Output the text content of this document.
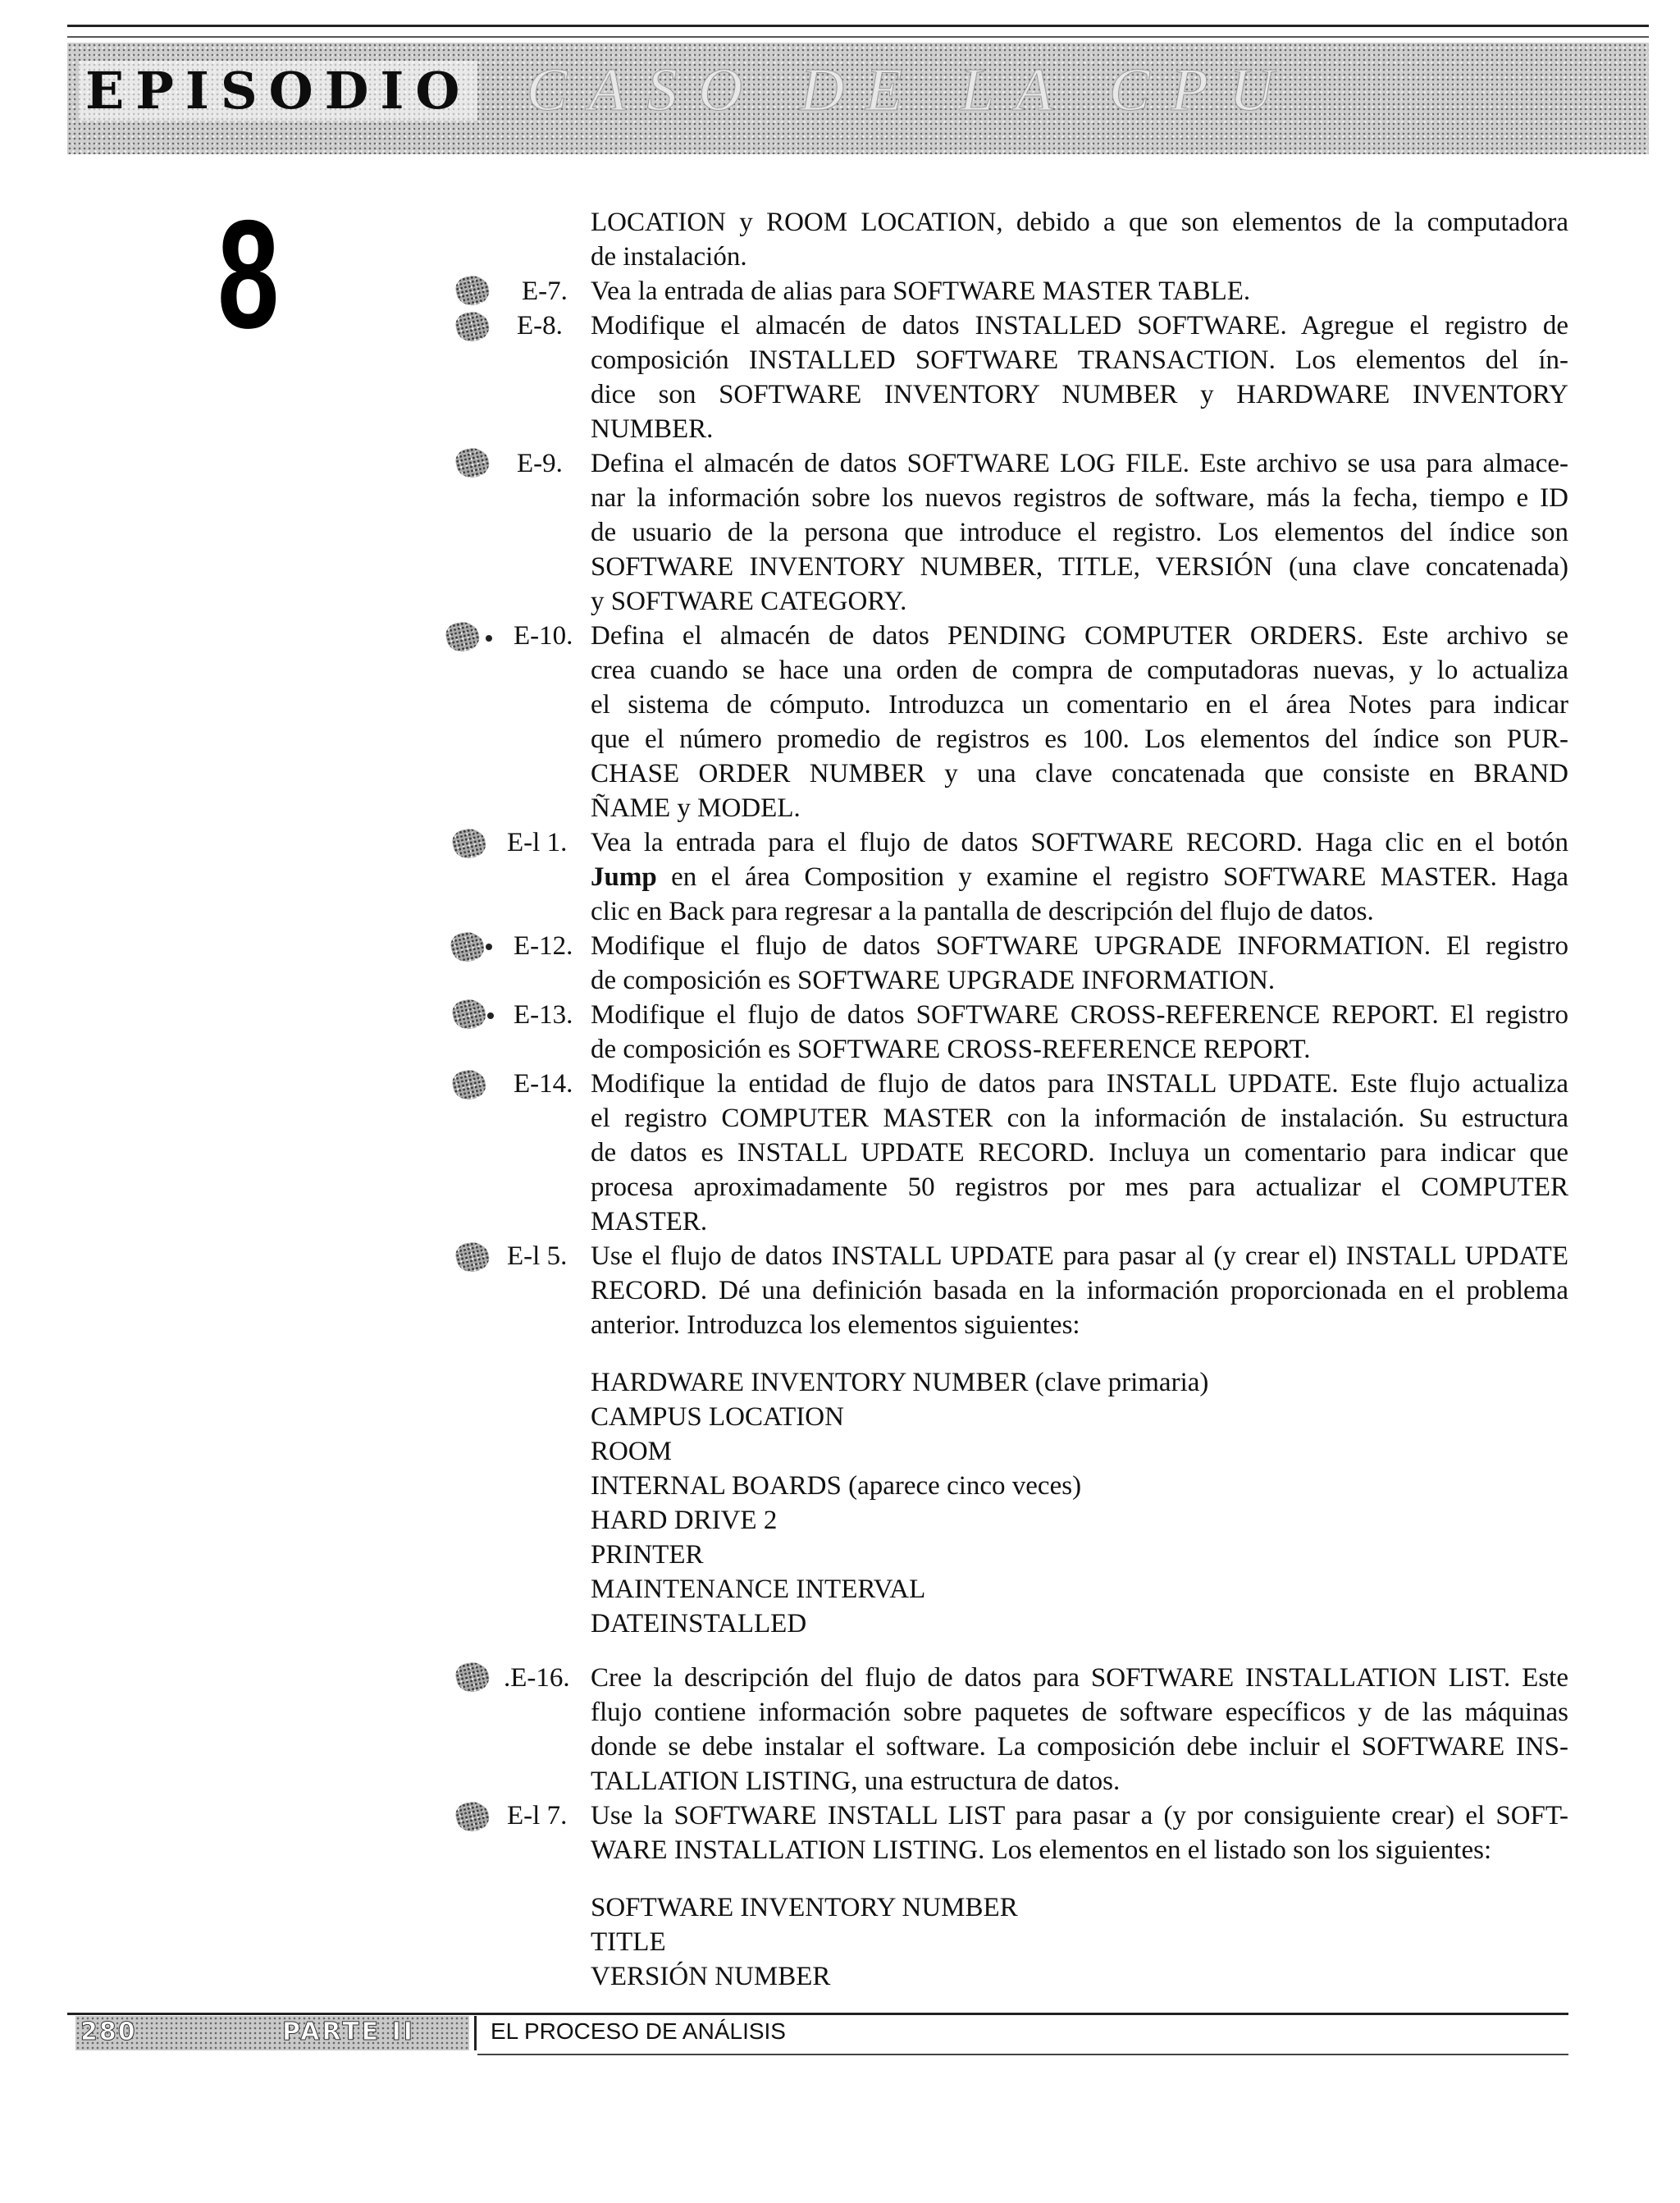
EPISODIO CASO DE LA CPU
8	LOCATION y ROOM LOCATION, debido a que son elementos de la computadora
de instalación.
E-7. Vea la entrada de alias para SOFTWARE MASTER TABLE.
E-8. Modifique el almacén de datos INSTALLED SOFTWARE. Agregue el registro de
composición INSTALLED SOFTWARE TRANSACTION. Los elementos del ín-
dice son SOFTWARE INVENTORY NUMBER y HARDWARE INVENTORY
NUMBER.
E-9. Defina el almacén de datos SOFTWARE LOG FILE. Este archivo se usa para almace-
nar la información sobre los nuevos registros de software, más la fecha, tiempo e ID
de usuario de la persona que introduce el registro. Los elementos del índice son
SOFTWARE INVENTORY NUMBER, TITLE, VERSIÓN (una clave concatenada)
y SOFTWARE CATEGORY.
E-10. Defina el almacén de datos PENDING COMPUTER ORDERS. Este archivo se
crea cuando se hace una orden de compra de computadoras nuevas, y lo actualiza
el sistema de cómputo. Introduzca un comentario en el área Notes para indicar
que el número promedio de registros es 100. Los elementos del índice son PUR-
CHASE ORDER NUMBER y una clave concatenada que consiste en BRAND
ÑAME y MODEL.
E-l 1. Vea la entrada para el flujo de datos SOFTWARE RECORD. Haga clic en el botón
Jump en el área Composition y examine el registro SOFTWARE MASTER. Haga
clic en Back para regresar a la pantalla de descripción del flujo de datos.
E-12. Modifique el flujo de datos SOFTWARE UPGRADE INFORMATION. El registro
de composición es SOFTWARE UPGRADE INFORMATION.
E-13. Modifique el flujo de datos SOFTWARE CROSS-REFERENCE REPORT. El registro
de composición es SOFTWARE CROSS-REFERENCE REPORT.
E-14. Modifique la entidad de flujo de datos para INSTALL UPDATE. Este flujo actualiza
el registro COMPUTER MASTER con la información de instalación. Su estructura
de datos es INSTALL UPDATE RECORD. Incluya un comentario para indicar que
procesa aproximadamente 50 registros por mes para actualizar el COMPUTER
MASTER.
E-l 5. Use el flujo de datos INSTALL UPDATE para pasar al (y crear el) INSTALL UPDATE
RECORD. Dé una definición basada en la información proporcionada en el problema
anterior. Introduzca los elementos siguientes:
HARDWARE INVENTORY NUMBER (clave primaria)
CAMPUS LOCATION
ROOM
INTERNAL BOARDS (aparece cinco veces)
HARD DRIVE 2
PRINTER
MAINTENANCE INTERVAL
DATEINSTALLED
.E-16. Cree la descripción del flujo de datos para SOFTWARE INSTALLATION LIST. Este
flujo contiene información sobre paquetes de software específicos y de las máquinas
donde se debe instalar el software. La composición debe incluir el SOFTWARE INS-
TALLATION LISTING, una estructura de datos.
E-l 7. Use la SOFTWARE INSTALL LIST para pasar a (y por consiguiente crear) el SOFT-
WARE INSTALLATION LISTING. Los elementos en el listado son los siguientes:
SOFTWARE INVENTORY NUMBER
TITLE
VERSIÓN NUMBER
280	PARTE II	EL PROCESO DE ANÁLISIS
